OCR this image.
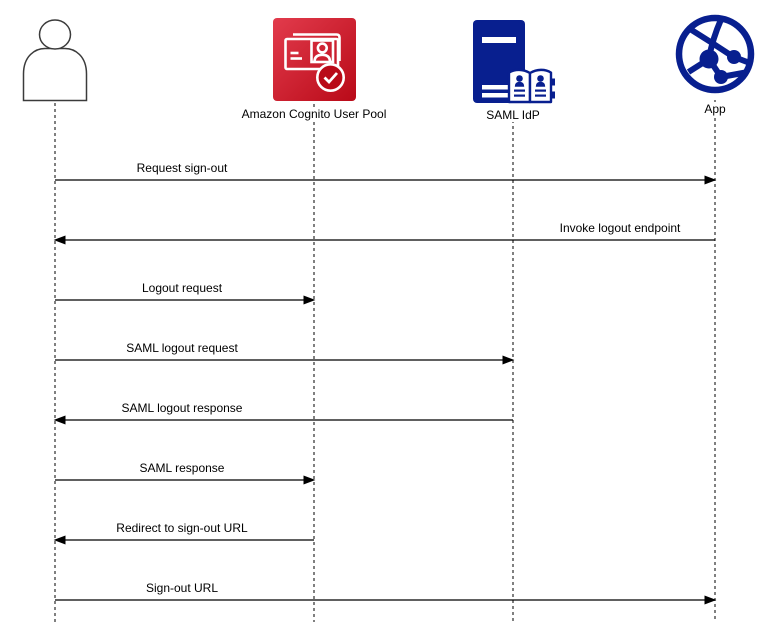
Amazon Cognito User Pool	SAML IdP	App
Request sign-out
Invoke logout endpoint
Logout request
SAML logout request
SAML logout response
SAML response
Redirect to sign-out URL
Sign-out URL
